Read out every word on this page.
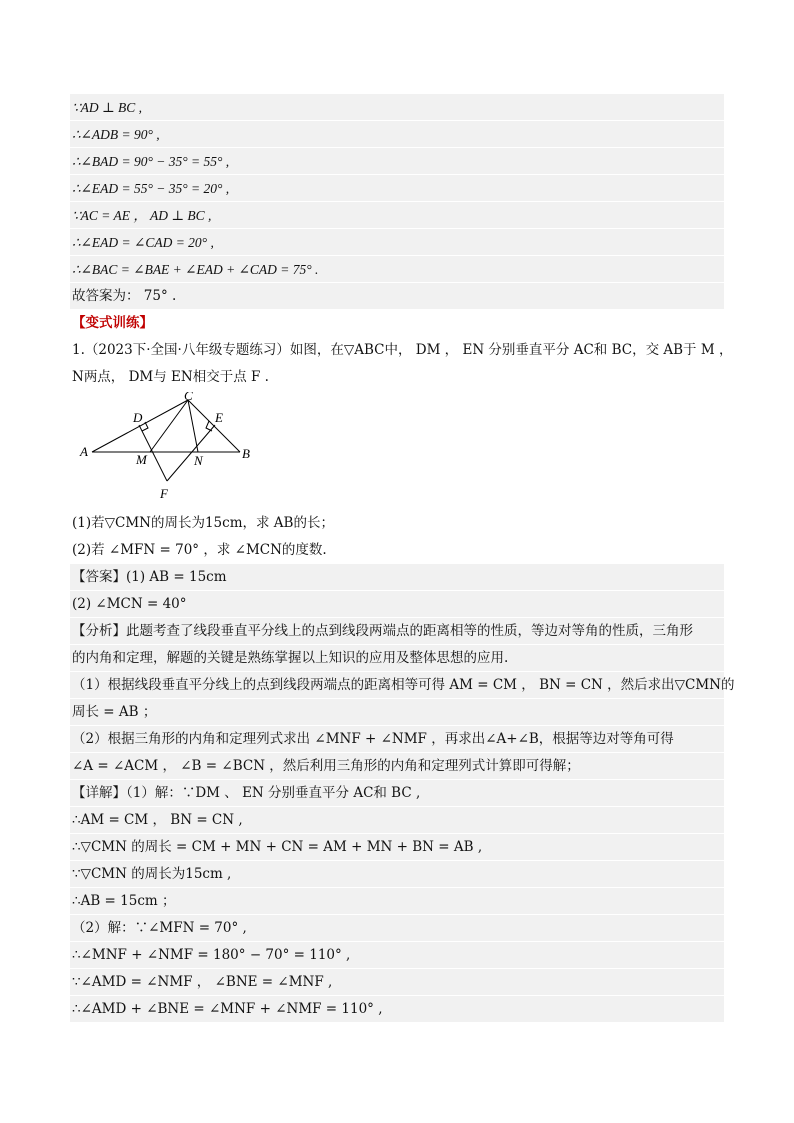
∵AD ⊥ BC ,
∴∠ADB = 90° ,
∴∠BAD = 90° − 35° = 55° ,
∴∠EAD = 55° − 35° = 20° ,
∵AC = AE ， AD ⊥ BC ,
∴∠EAD = ∠CAD = 20° ,
∴∠BAC = ∠BAE + ∠EAD + ∠CAD = 75° .
故答案为： 75° .
【变式训练】
1.（2023下·全国·八年级专题练习）如图，在▽ABC中， DM ， EN 分别垂直平分 AC和 BC，交 AB于 M ，
N两点， DM与 EN相交于点 F .
A	B
C
D	E
M	N
F
(1)若▽CMN的周长为15cm，求 AB的长；
(2)若 ∠MFN = 70° ，求 ∠MCN的度数.
【答案】(1) AB = 15cm
(2) ∠MCN = 40°
【分析】此题考查了线段垂直平分线上的点到线段两端点的距离相等的性质，等边对等角的性质，三角形
的内角和定理，解题的关键是熟练掌握以上知识的应用及整体思想的应用.
（1）根据线段垂直平分线上的点到线段两端点的距离相等可得 AM = CM ， BN = CN ，然后求出▽CMN的
周长 = AB ；
（2）根据三角形的内角和定理列式求出 ∠MNF + ∠NMF ，再求出∠A+∠B，根据等边对等角可得
∠A = ∠ACM ， ∠B = ∠BCN ，然后利用三角形的内角和定理列式计算即可得解；
【详解】（1）解：∵DM 、 EN 分别垂直平分 AC和 BC ,
∴AM = CM ， BN = CN ,
∴▽CMN 的周长 = CM + MN + CN = AM + MN + BN = AB ,
∵▽CMN 的周长为15cm ,
∴AB = 15cm ；
（2）解：∵∠MFN = 70° ,
∴∠MNF + ∠NMF = 180° − 70° = 110° ,
∵∠AMD = ∠NMF ， ∠BNE = ∠MNF ,
∴∠AMD + ∠BNE = ∠MNF + ∠NMF = 110° ,
